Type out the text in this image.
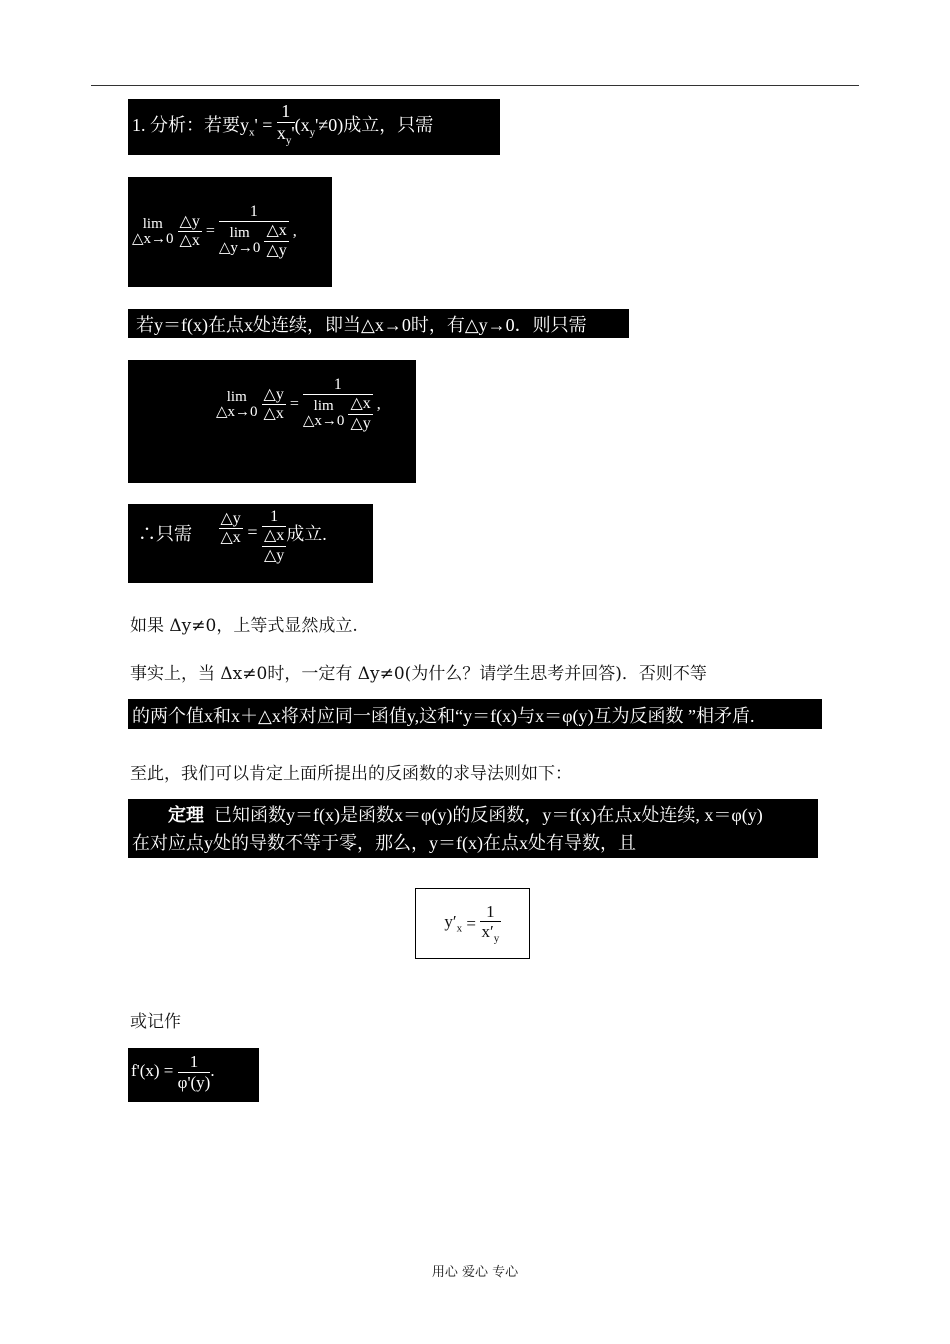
1. 分析：若要$y_x' = \frac{1}{x_y'} (x_y'\ne 0)$成立，只需
lim
△x→0
$\frac{\triangle y}{\triangle x} = 1$
lim
△y→0
$\frac{\triangle x}{\triangle y}$ ,
若y＝f(x)在点x处连续，即当△x→0时，有△y→0．则只需
lim
△x→0
$\frac{\triangle y}{\triangle x} = 1$
lim
△x→0
$\frac{\triangle x}{\triangle y}$ ,
∴只需 $\frac{\triangle y}{\triangle x} = \frac{1}{\frac{\triangle x}{\triangle y}}$ 成立.
如果 Δy≠0，上等式显然成立.
事实上，当 Δx≠0时，一定有 Δy≠0(为什么？请学生思考并回答)．否则不等
的两个值x和x＋△x将对应同一函值y,这和“y＝f(x)与x＝φ(y)互为反函数 ”相矛盾.
至此，我们可以肯定上面所提出的反函数的求导法则如下：
定理 已知函数y＝f(x)是函数x＝φ(y)的反函数，y＝f(x)在点x处连续, x＝φ(y)
在对应点y处的导数不等于零，那么，y＝f(x)在点x处有导数，且
$y'_x$
=
$\frac{1}{x'_y}$
或记作
$f'(x) = \frac{1}{\varphi'(y)}$ .
用心 爱心 专心
